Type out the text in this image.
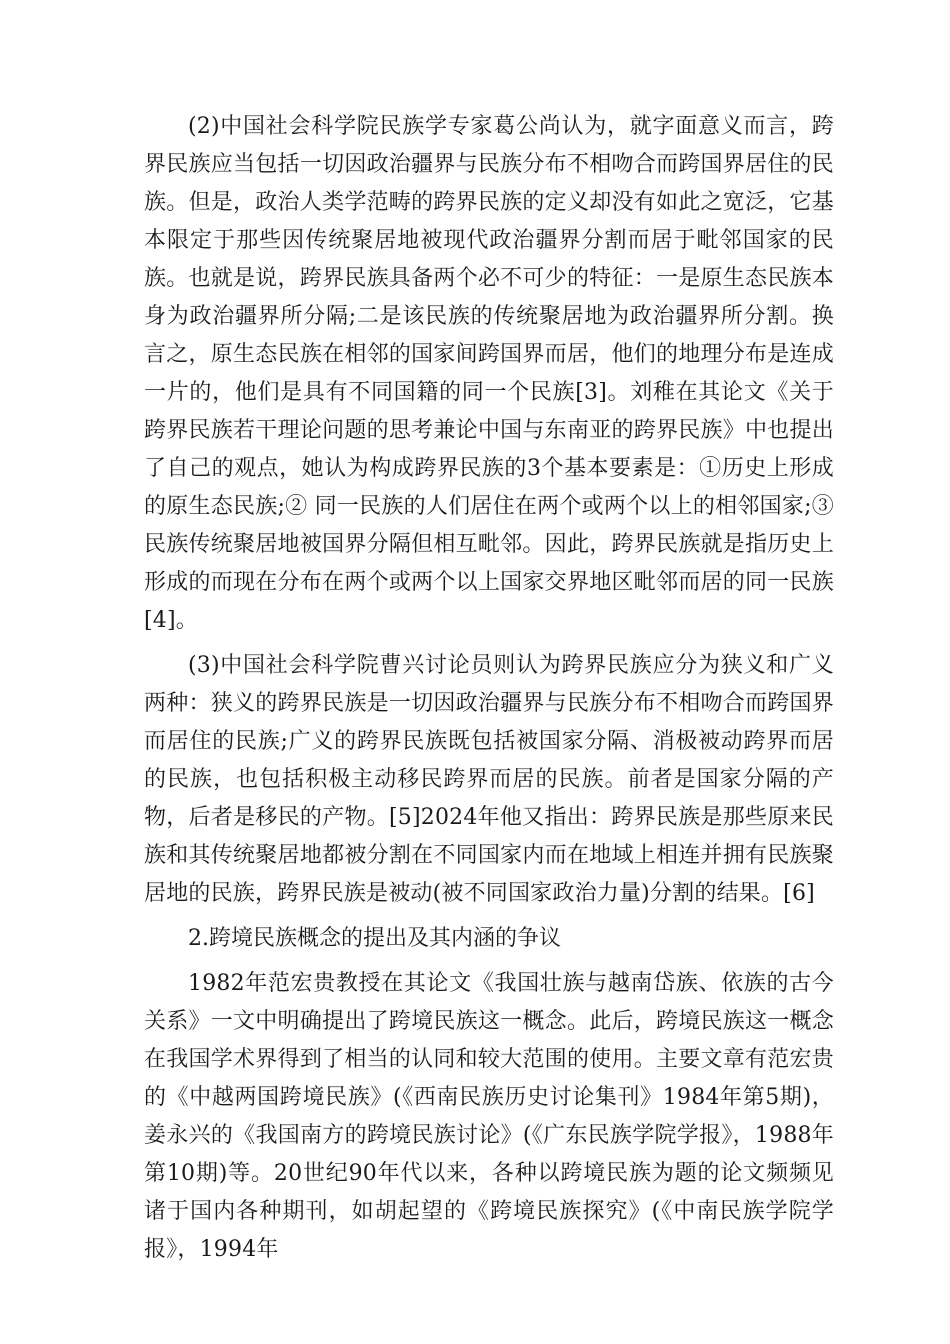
(2)中国社会科学院民族学专家葛公尚认为，就字面意义而言，跨界民族应当包括一切因政治疆界与民族分布不相吻合而跨国界居住的民族。但是，政治人类学范畴的跨界民族的定义却没有如此之宽泛，它基本限定于那些因传统聚居地被现代政治疆界分割而居于毗邻国家的民族。也就是说，跨界民族具备两个必不可少的特征：一是原生态民族本身为政治疆界所分隔;二是该民族的传统聚居地为政治疆界所分割。换言之，原生态民族在相邻的国家间跨国界而居，他们的地理分布是连成一片的，他们是具有不同国籍的同一个民族[3]。刘稚在其论文《关于跨界民族若干理论问题的思考兼论中国与东南亚的跨界民族》中也提出了自己的观点，她认为构成跨界民族的3个基本要素是：①历史上形成的原生态民族;② 同一民族的人们居住在两个或两个以上的相邻国家;③ 民族传统聚居地被国界分隔但相互毗邻。因此，跨界民族就是指历史上形成的而现在分布在两个或两个以上国家交界地区毗邻而居的同一民族[4]。

(3)中国社会科学院曹兴讨论员则认为跨界民族应分为狭义和广义两种：狭义的跨界民族是一切因政治疆界与民族分布不相吻合而跨国界而居住的民族;广义的跨界民族既包括被国家分隔、消极被动跨界而居的民族，也包括积极主动移民跨界而居的民族。前者是国家分隔的产物，后者是移民的产物。[5]2024年他又指出：跨界民族是那些原来民族和其传统聚居地都被分割在不同国家内而在地域上相连并拥有民族聚居地的民族，跨界民族是被动(被不同国家政治力量)分割的结果。[6]

2.跨境民族概念的提出及其内涵的争议

1982年范宏贵教授在其论文《我国壮族与越南岱族、依族的古今关系》一文中明确提出了跨境民族这一概念。此后，跨境民族这一概念在我国学术界得到了相当的认同和较大范围的使用。主要文章有范宏贵的《中越两国跨境民族》(《西南民族历史讨论集刊》1984年第5期)，姜永兴的《我国南方的跨境民族讨论》(《广东民族学院学报》，1988年第10期)等。20世纪90年代以来，各种以跨境民族为题的论文频频见诸于国内各种期刊，如胡起望的《跨境民族探究》(《中南民族学院学报》，1994年
